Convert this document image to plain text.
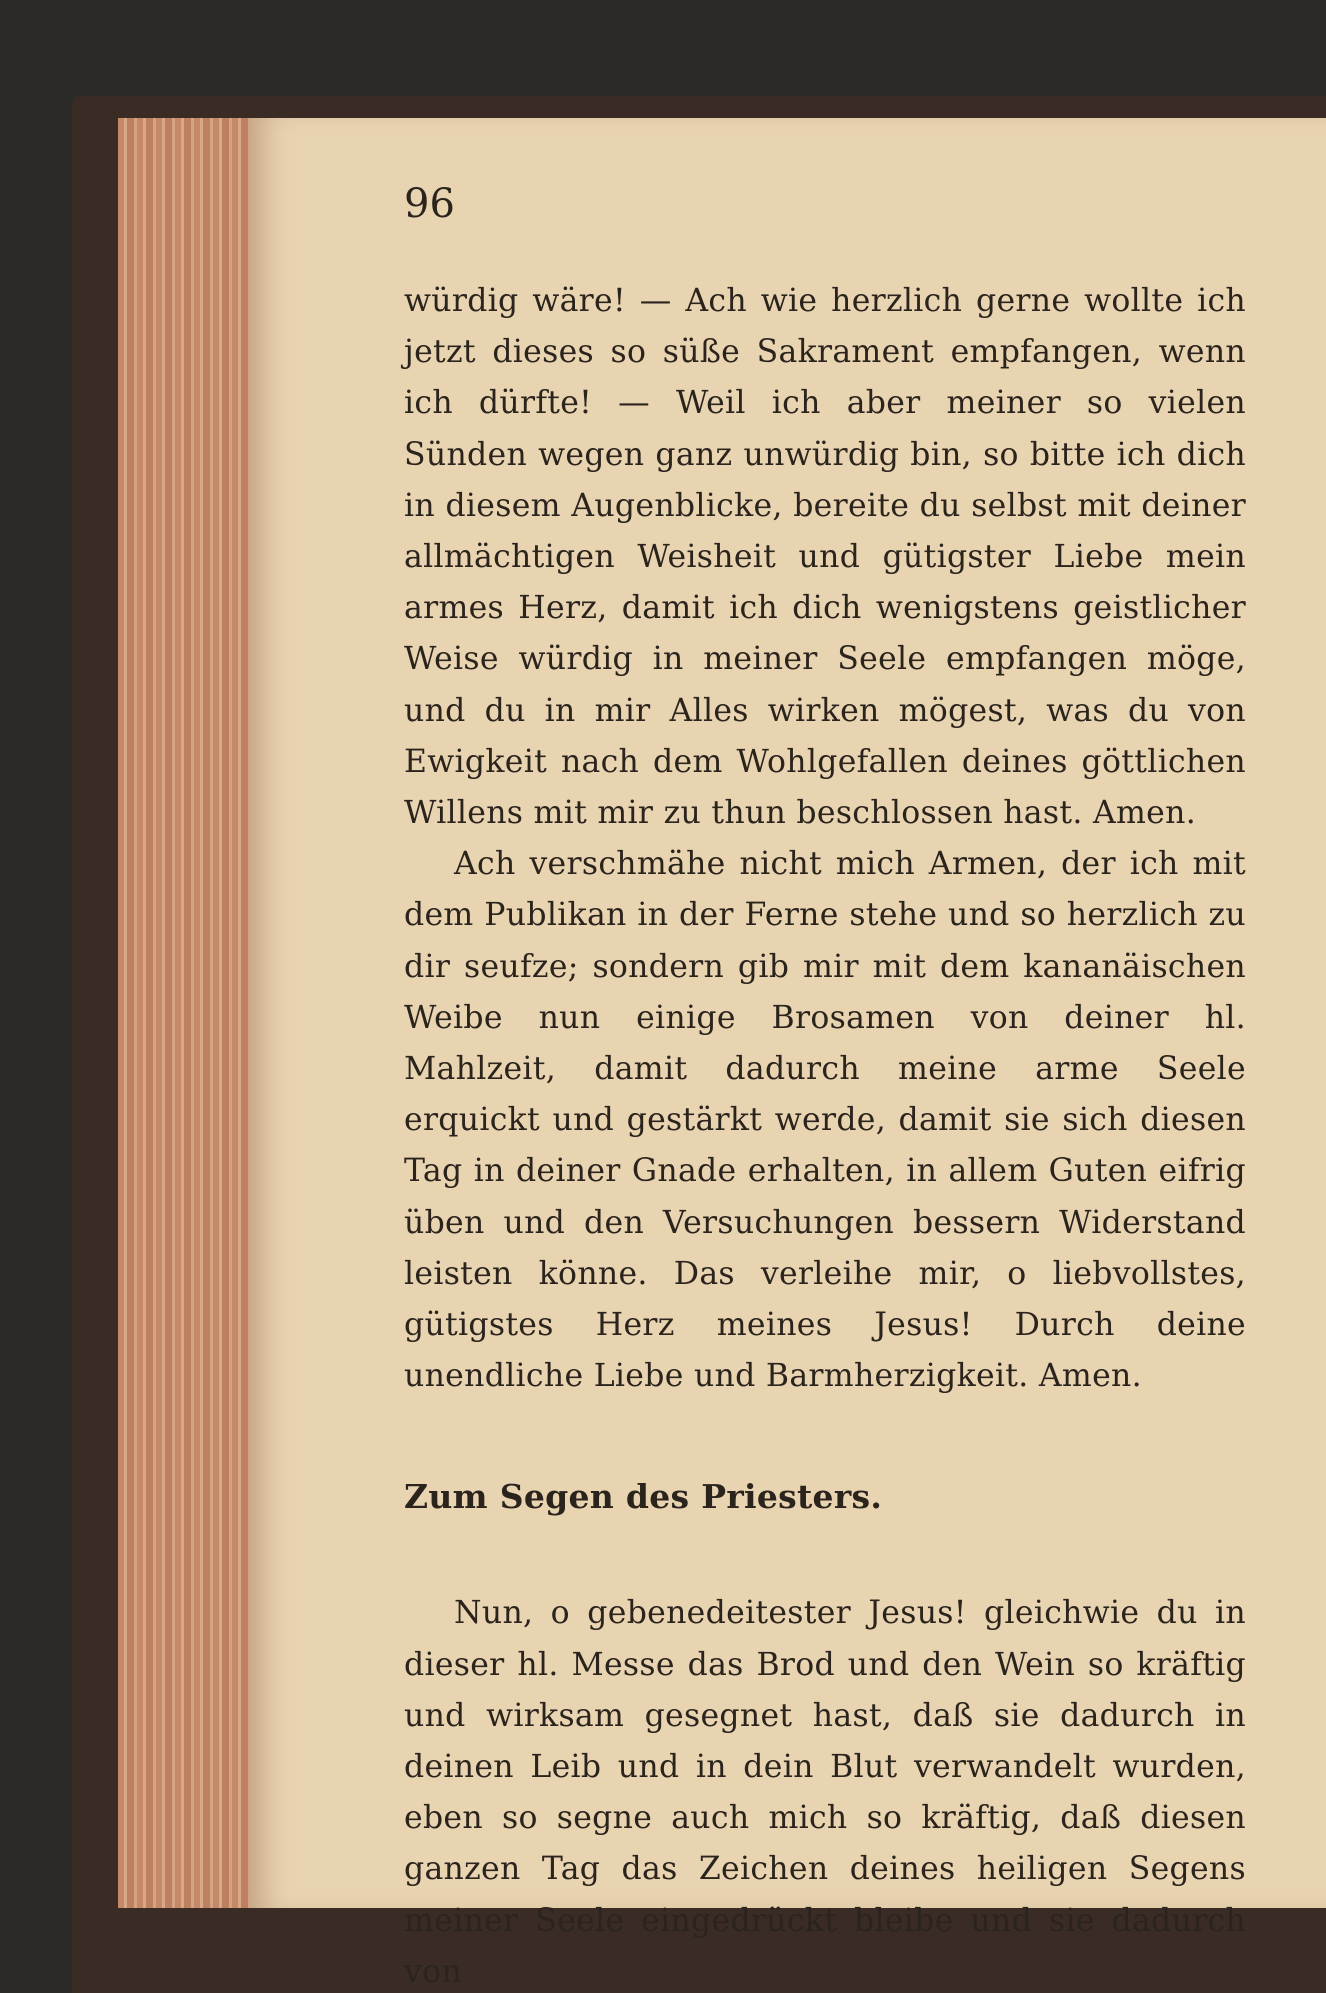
96

würdig wäre! — Ach wie herzlich gerne wollte ich jetzt dieses so süße Sakrament empfangen, wenn ich dürfte! — Weil ich aber meiner so vielen Sünden wegen ganz unwürdig bin, so bitte ich dich in diesem Augenblicke, bereite du selbst mit deiner allmächtigen Weisheit und gütigster Liebe mein armes Herz, damit ich dich wenigstens geistlicher Weise würdig in meiner Seele empfangen möge, und du in mir Alles wirken mögest, was du von Ewigkeit nach dem Wohlgefallen deines göttlichen Willens mit mir zu thun beschlossen hast. Amen.

Ach verschmähe nicht mich Armen, der ich mit dem Publikan in der Ferne stehe und so herzlich zu dir seufze; sondern gib mir mit dem kananäischen Weibe nun einige Brosamen von deiner hl. Mahlzeit, damit dadurch meine arme Seele erquickt und gestärkt werde, damit sie sich diesen Tag in deiner Gnade erhalten, in allem Guten eifrig üben und den Versuchungen bessern Widerstand leisten könne. Das verleihe mir, o liebvollstes, gütigstes Herz meines Jesus! Durch deine unendliche Liebe und Barmherzigkeit. Amen.

Zum Segen des Priesters.

Nun, o gebenedeitester Jesus! gleichwie du in dieser hl. Messe das Brod und den Wein so kräftig und wirksam gesegnet hast, daß sie dadurch in deinen Leib und in dein Blut verwandelt wurden, eben so segne auch mich so kräftig, daß diesen ganzen Tag das Zeichen deines heiligen Segens meiner Seele eingedrückt bleibe und sie dadurch von
